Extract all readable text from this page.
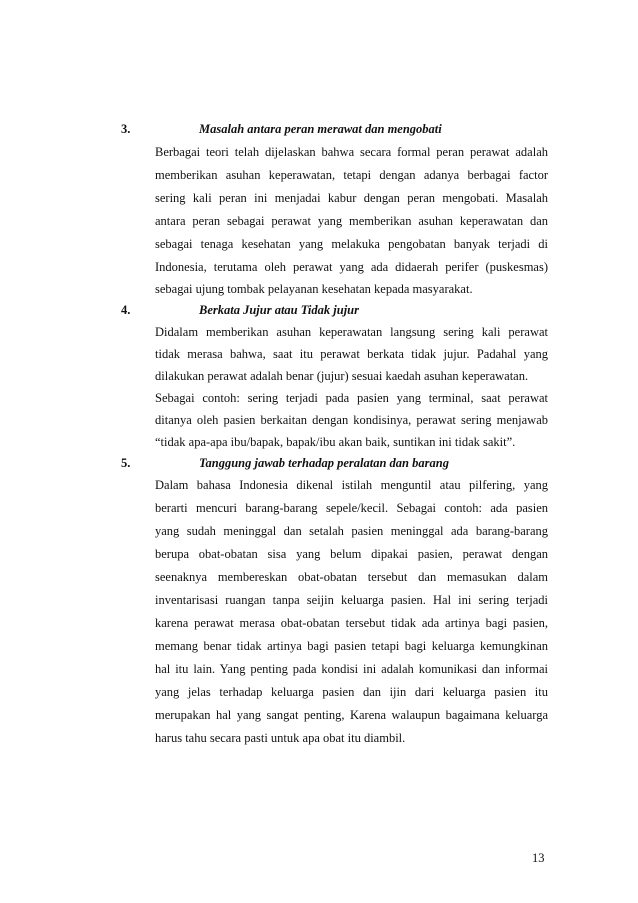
3.	Masalah antara peran merawat dan mengobati
Berbagai teori telah dijelaskan bahwa secara formal peran perawat adalah
memberikan asuhan keperawatan, tetapi dengan adanya berbagai factor
sering kali peran ini menjadai kabur dengan peran mengobati. Masalah
antara peran sebagai perawat yang memberikan asuhan keperawatan dan
sebagai tenaga kesehatan yang melakuka pengobatan banyak terjadi di
Indonesia, terutama oleh perawat yang ada didaerah perifer (puskesmas)
sebagai ujung tombak pelayanan kesehatan kepada masyarakat.
4.	Berkata Jujur atau Tidak jujur
Didalam memberikan asuhan keperawatan langsung sering kali perawat
tidak merasa bahwa, saat itu perawat berkata tidak jujur. Padahal yang
dilakukan perawat adalah benar (jujur) sesuai kaedah asuhan keperawatan.
Sebagai contoh: sering terjadi pada pasien yang terminal, saat perawat
ditanya oleh pasien berkaitan dengan kondisinya, perawat sering menjawab
“tidak apa-apa ibu/bapak, bapak/ibu akan baik, suntikan ini tidak sakit”.
5.	Tanggung jawab terhadap peralatan dan barang
Dalam bahasa Indonesia dikenal istilah menguntil atau pilfering, yang
berarti mencuri barang-barang sepele/kecil. Sebagai contoh: ada pasien
yang sudah meninggal dan setalah pasien meninggal ada barang-barang
berupa obat-obatan sisa yang belum dipakai pasien, perawat dengan
seenaknya membereskan obat-obatan tersebut dan memasukan dalam
inventarisasi ruangan tanpa seijin keluarga pasien. Hal ini sering terjadi
karena perawat merasa obat-obatan tersebut tidak ada artinya bagi pasien,
memang benar tidak artinya bagi pasien tetapi bagi keluarga kemungkinan
hal itu lain. Yang penting pada kondisi ini adalah komunikasi dan informai
yang jelas terhadap keluarga pasien dan ijin dari keluarga pasien itu
merupakan hal yang sangat penting, Karena walaupun bagaimana keluarga
harus tahu secara pasti untuk apa obat itu diambil.
13
